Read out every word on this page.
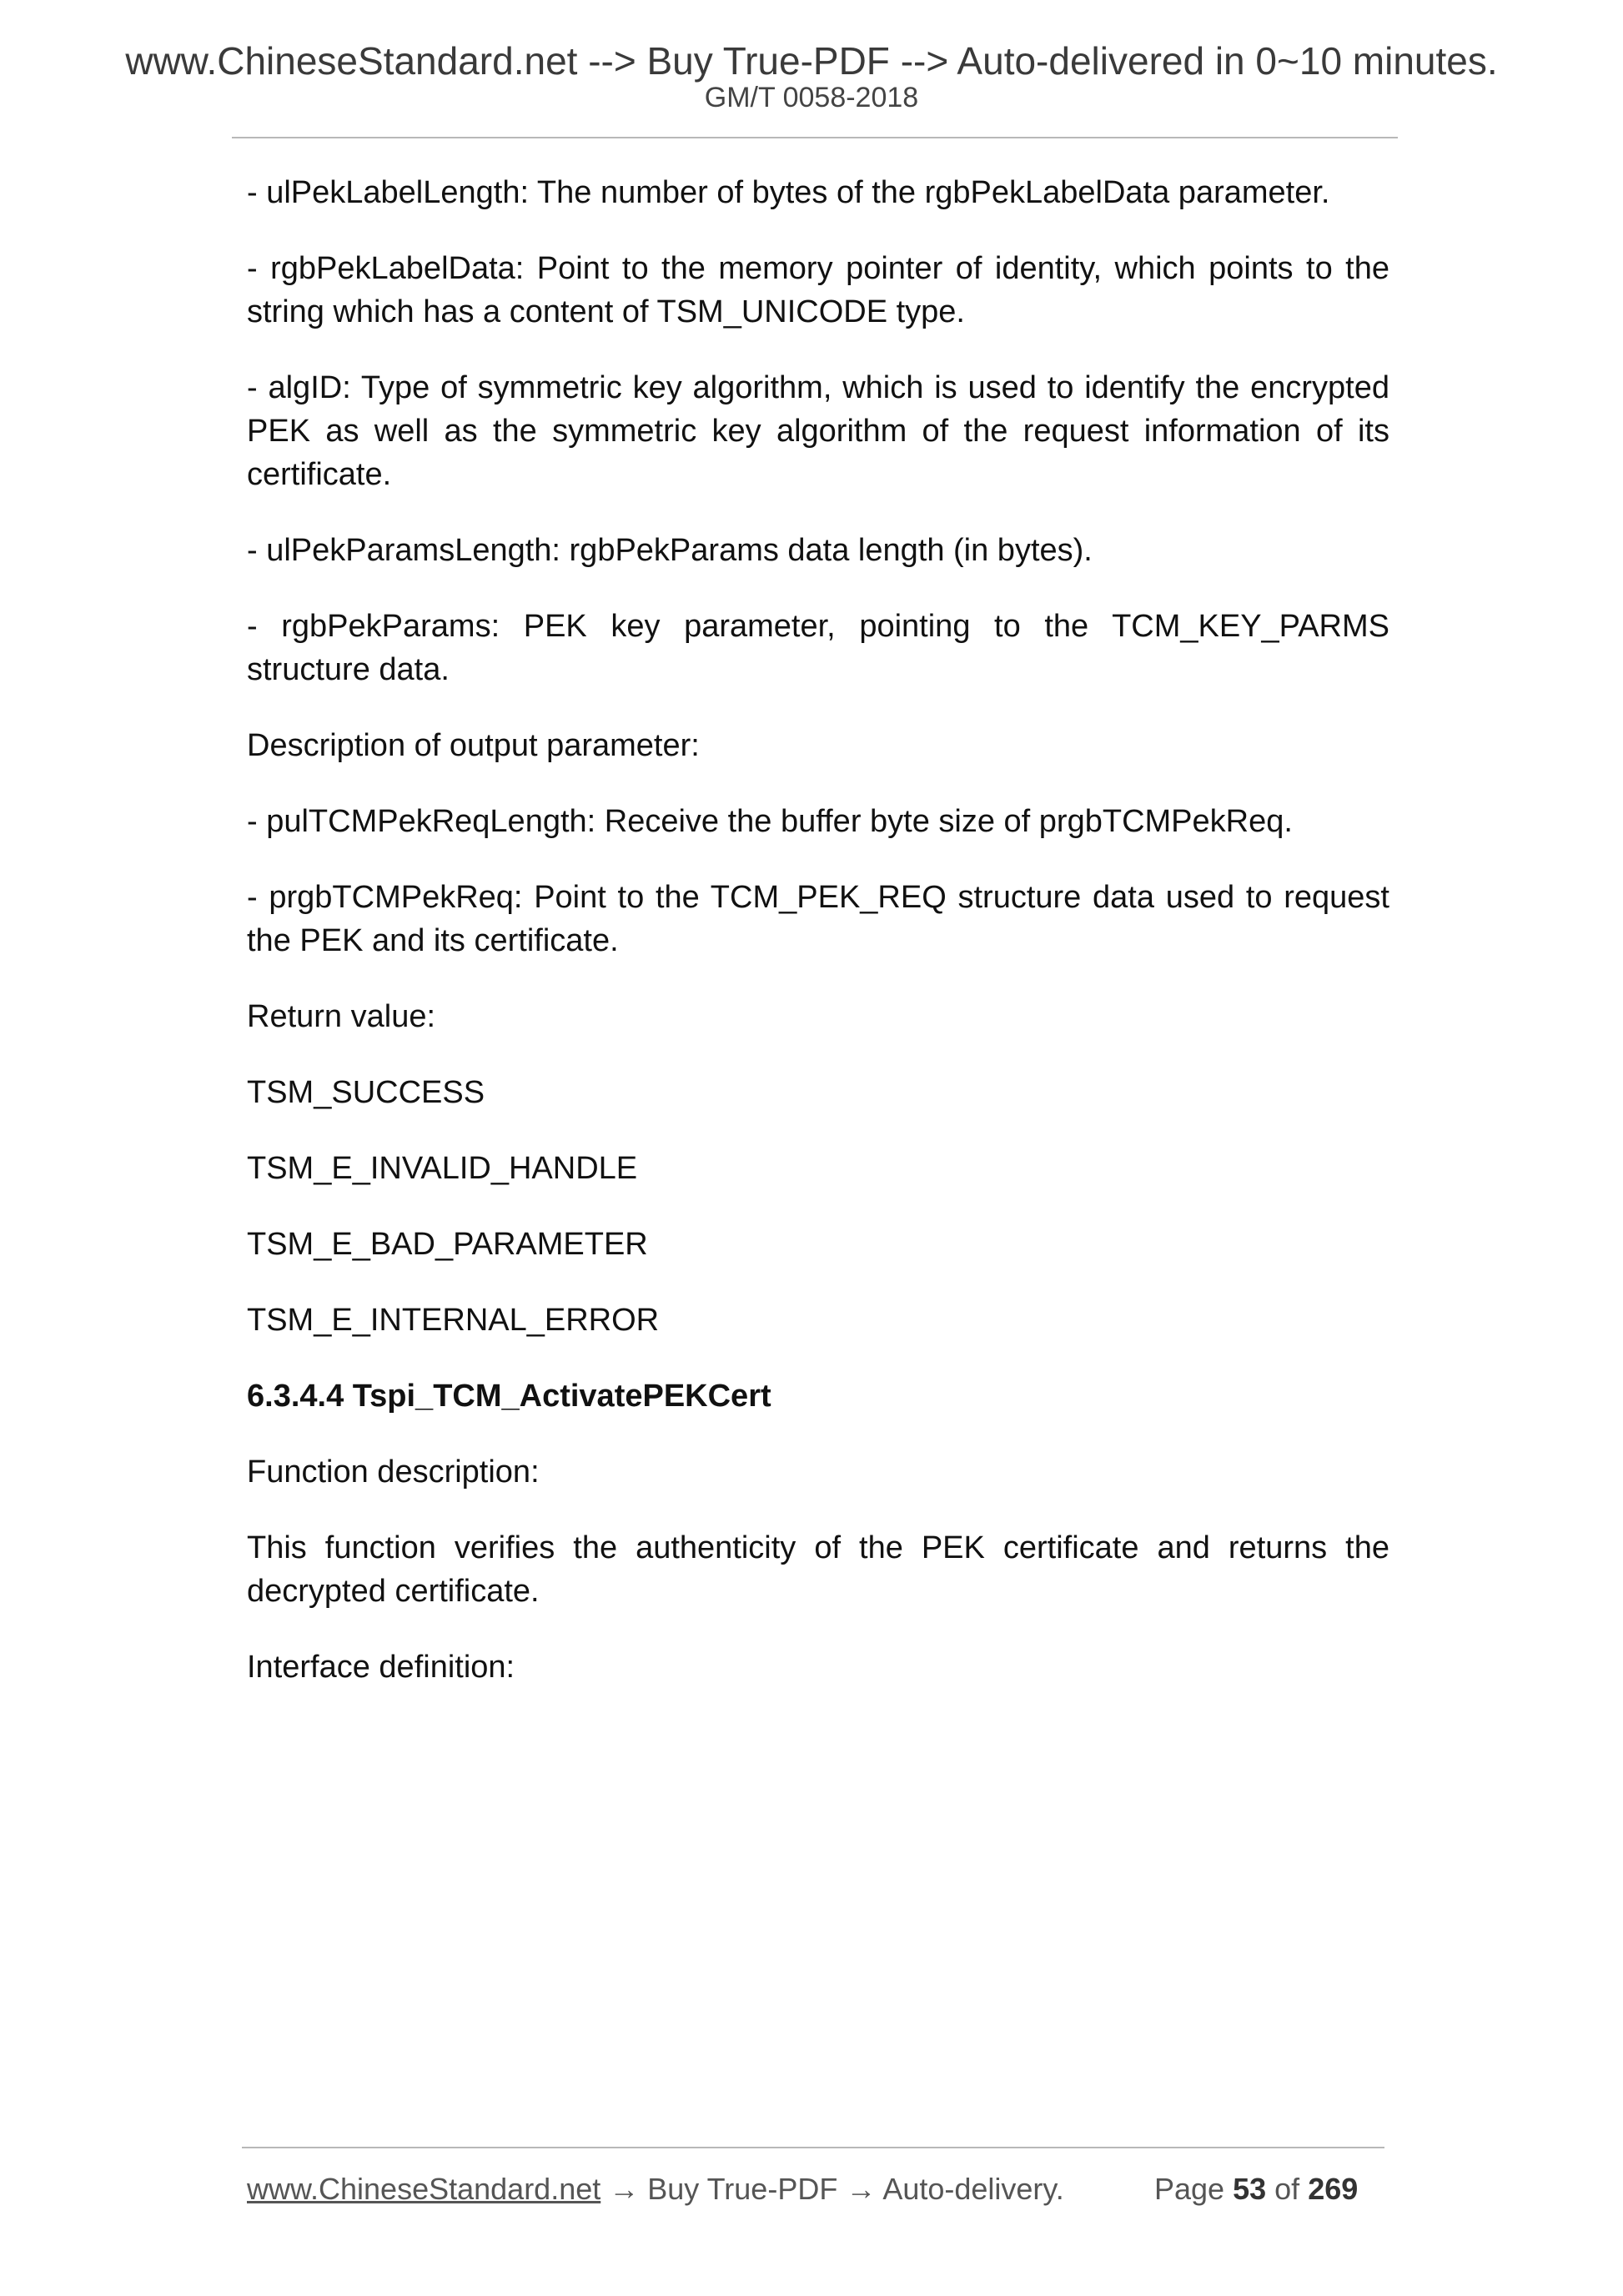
www.ChineseStandard.net --> Buy True-PDF --> Auto-delivered in 0~10 minutes.
GM/T 0058-2018

- ulPekLabelLength: The number of bytes of the rgbPekLabelData parameter.

- rgbPekLabelData: Point to the memory pointer of identity, which points to the string which has a content of TSM_UNICODE type.

- algID: Type of symmetric key algorithm, which is used to identify the encrypted PEK as well as the symmetric key algorithm of the request information of its certificate.

- ulPekParamsLength: rgbPekParams data length (in bytes).

- rgbPekParams: PEK key parameter, pointing to the TCM_KEY_PARMS structure data.

Description of output parameter:

- pulTCMPekReqLength: Receive the buffer byte size of prgbTCMPekReq.

- prgbTCMPekReq: Point to the TCM_PEK_REQ structure data used to request the PEK and its certificate.

Return value:

TSM_SUCCESS

TSM_E_INVALID_HANDLE

TSM_E_BAD_PARAMETER

TSM_E_INTERNAL_ERROR

6.3.4.4 Tspi_TCM_ActivatePEKCert

Function description:

This function verifies the authenticity of the PEK certificate and returns the decrypted certificate.

Interface definition:

www.ChineseStandard.net → Buy True-PDF → Auto-delivery.	Page 53 of 269
